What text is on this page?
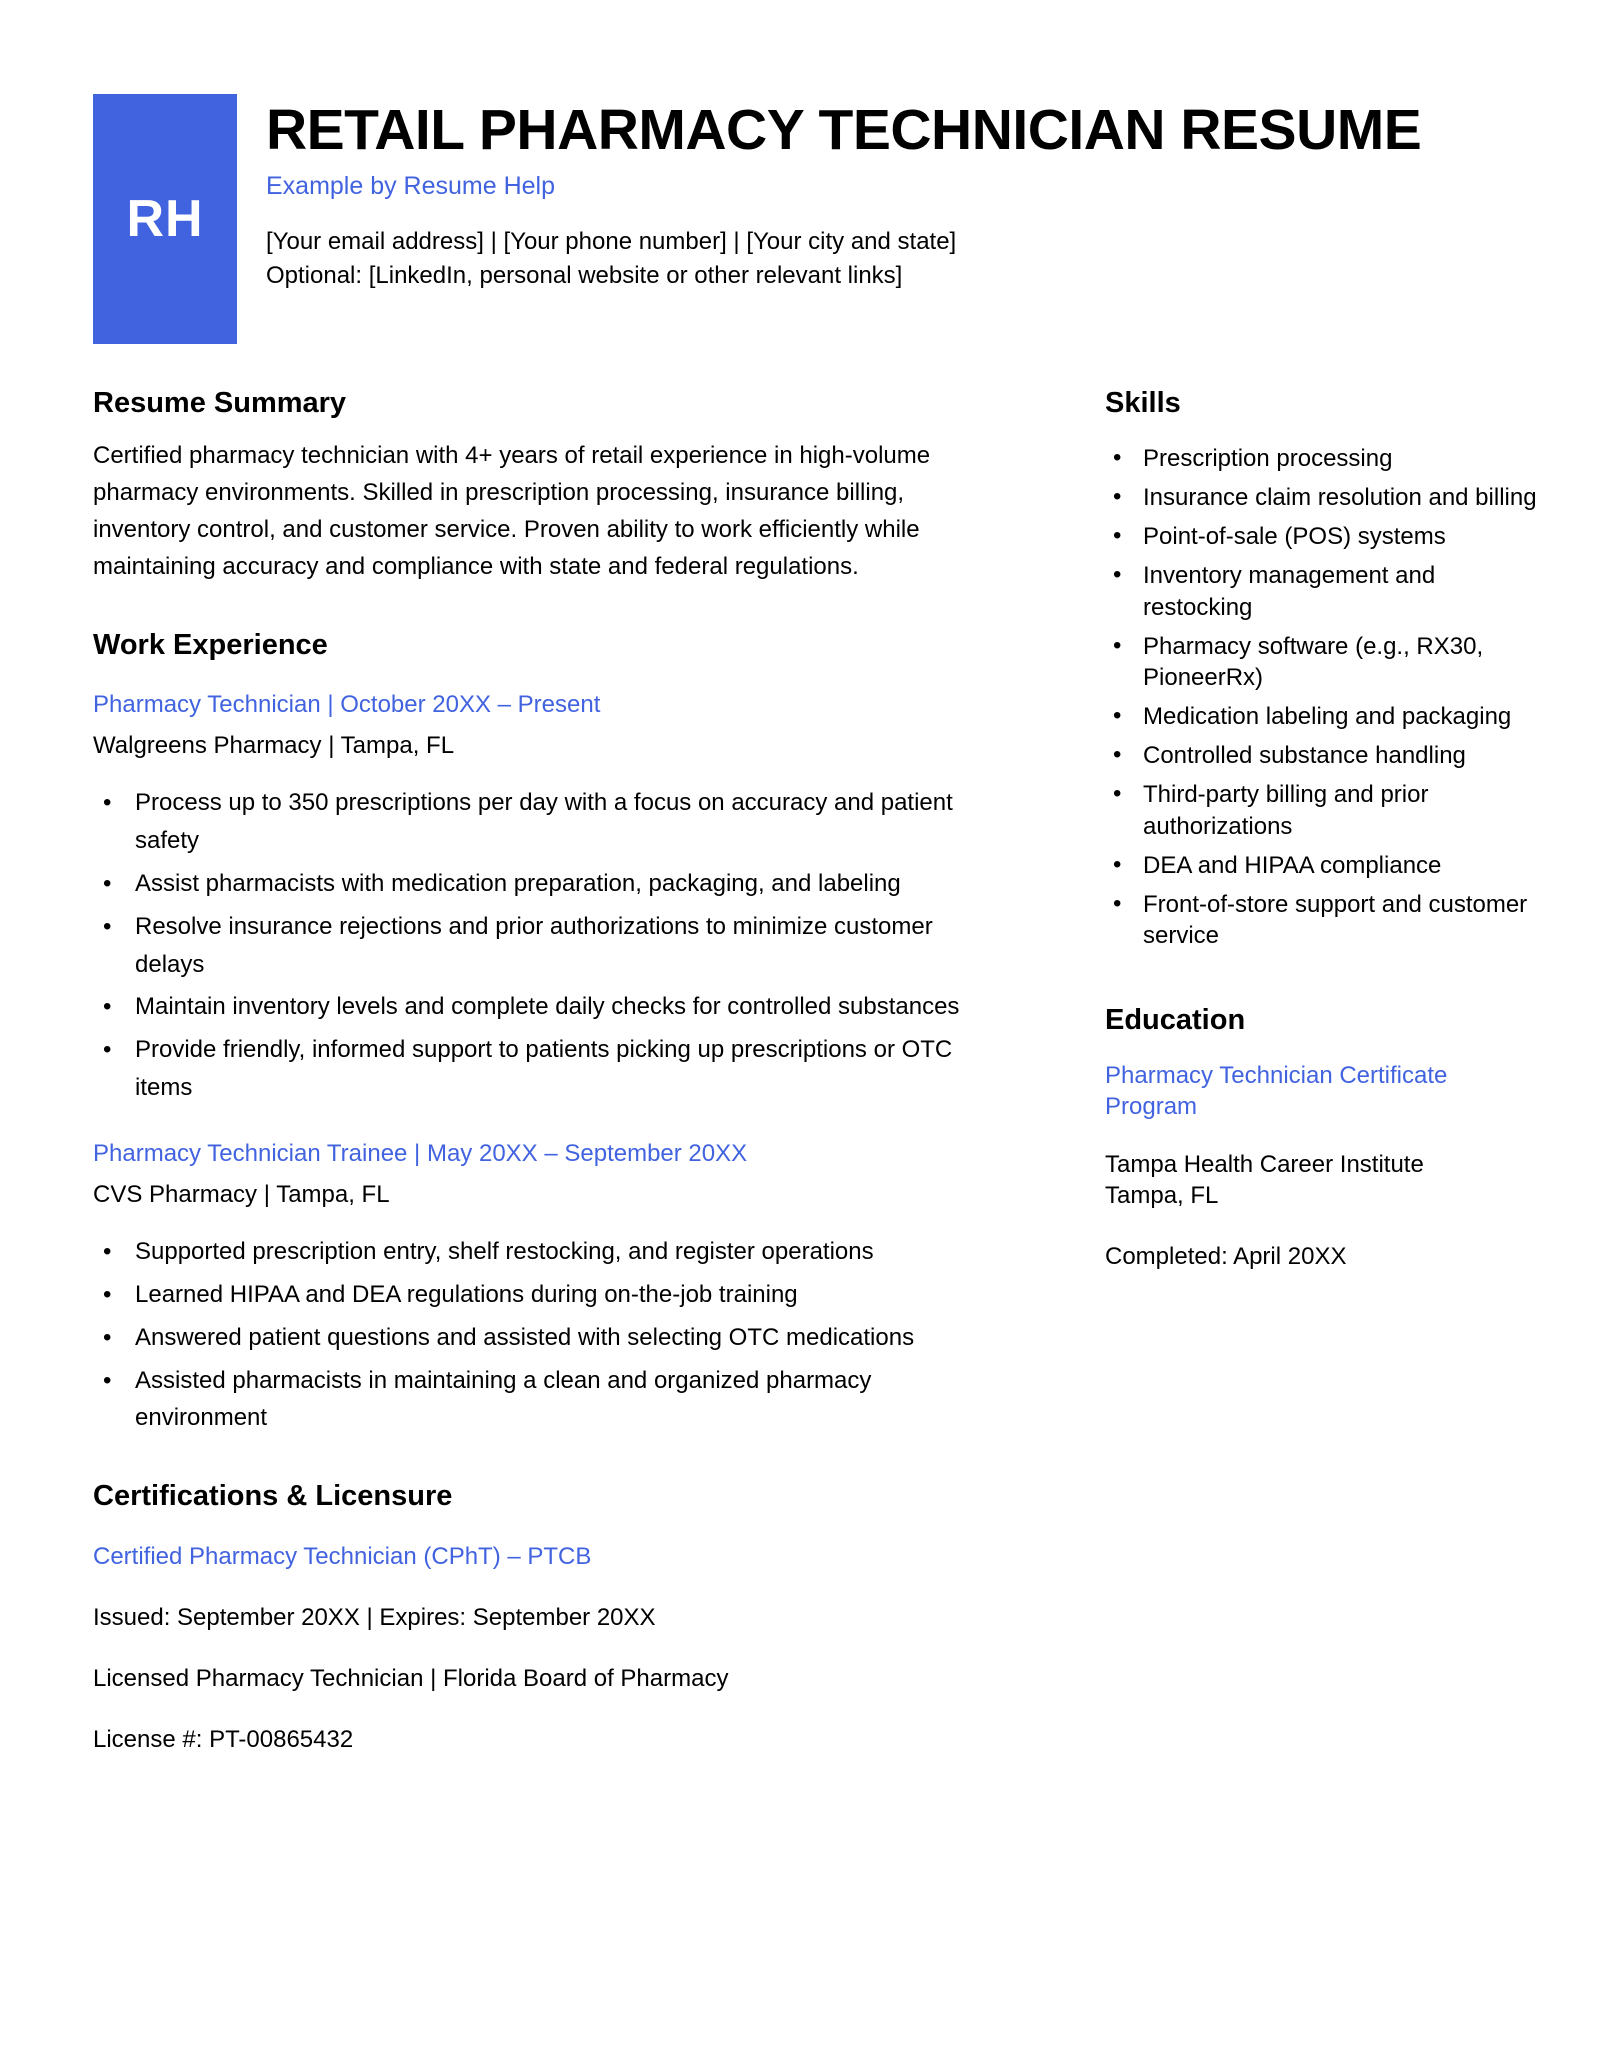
RH
RETAIL PHARMACY TECHNICIAN RESUME
Example by Resume Help
[Your email address] | [Your phone number] | [Your city and state]
Optional: [LinkedIn, personal website or other relevant links]
Resume Summary

Certified pharmacy technician with 4+ years of retail experience in high-volume pharmacy environments. Skilled in prescription processing, insurance billing, inventory control, and customer service. Proven ability to work efficiently while maintaining accuracy and compliance with state and federal regulations.

Work Experience
Pharmacy Technician | October 20XX – Present
Walgreens Pharmacy | Tampa, FL
• Process up to 350 prescriptions per day with a focus on accuracy and patient safety
• Assist pharmacists with medication preparation, packaging, and labeling
• Resolve insurance rejections and prior authorizations to minimize customer delays
• Maintain inventory levels and complete daily checks for controlled substances
• Provide friendly, informed support to patients picking up prescriptions or OTC items
Pharmacy Technician Trainee | May 20XX – September 20XX
CVS Pharmacy | Tampa, FL
• Supported prescription entry, shelf restocking, and register operations
• Learned HIPAA and DEA regulations during on-the-job training
• Answered patient questions and assisted with selecting OTC medications
• Assisted pharmacists in maintaining a clean and organized pharmacy environment
Certifications & Licensure
Certified Pharmacy Technician (CPhT) – PTCB
Issued: September 20XX | Expires: September 20XX
Licensed Pharmacy Technician | Florida Board of Pharmacy
License #: PT-00865432
Skills
• Prescription processing
• Insurance claim resolution and billing
• Point-of-sale (POS) systems
• Inventory management and restocking
• Pharmacy software (e.g., RX30, PioneerRx)
• Medication labeling and packaging
• Controlled substance handling
• Third-party billing and prior authorizations
• DEA and HIPAA compliance
• Front-of-store support and customer service
Education
Pharmacy Technician Certificate Program
Tampa Health Career Institute
Tampa, FL
Completed: April 20XX
